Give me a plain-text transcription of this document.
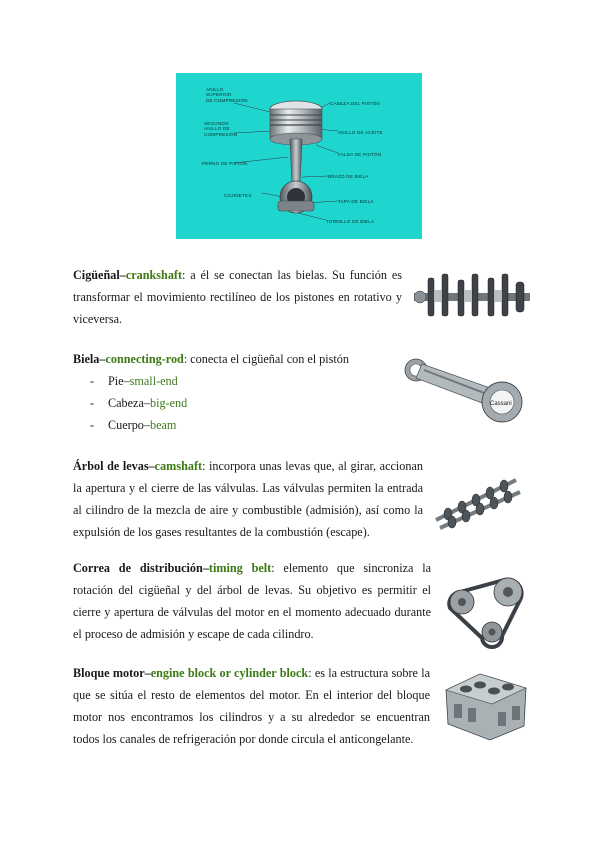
ANILLO
SUPERIOR
DE COMPRESIÓN
SEGUNDO
ANILLO DE
COMPRESIÓN
PERNO DE PISTÓN
COJINETES
CABEZA DEL PISTÓN
ANILLO DE ACEITE
FALDA DE PISTÓN
BRAZO DE BIELA
TAPA DE BIELA
TORNILLO DE BIELA
Cigüeñal–crankshaft: a él se conectan las bielas. Su función es transformar el movimiento rectilíneo de los pistones en rotativo y viceversa.
Biela–connecting-rod: conecta el cigüeñal con el pistón
- Pie–small-end
- Cabeza–big-end
- Cuerpo–beam
Cassani
Árbol de levas–camshaft: incorpora unas levas que, al girar, accionan la apertura y el cierre de las válvulas. Las válvulas permiten la entrada al cilindro de la mezcla de aire y combustible (admisión), así como la expulsión de los gases resultantes de la combustión (escape).
Correa de distribución–timing belt: elemento que sincroniza la rotación del cigüeñal y del árbol de levas. Su objetivo es permitir el cierre y apertura de válvulas del motor en el momento adecuado durante el proceso de admisión y escape de cada cilindro.
Bloque motor–engine block or cylinder block: es la estructura sobre la que se sitúa el resto de elementos del motor. En el interior del bloque motor nos encontramos los cilindros y a su alrededor se encuentran todos los canales de refrigeración por donde circula el anticongelante.
